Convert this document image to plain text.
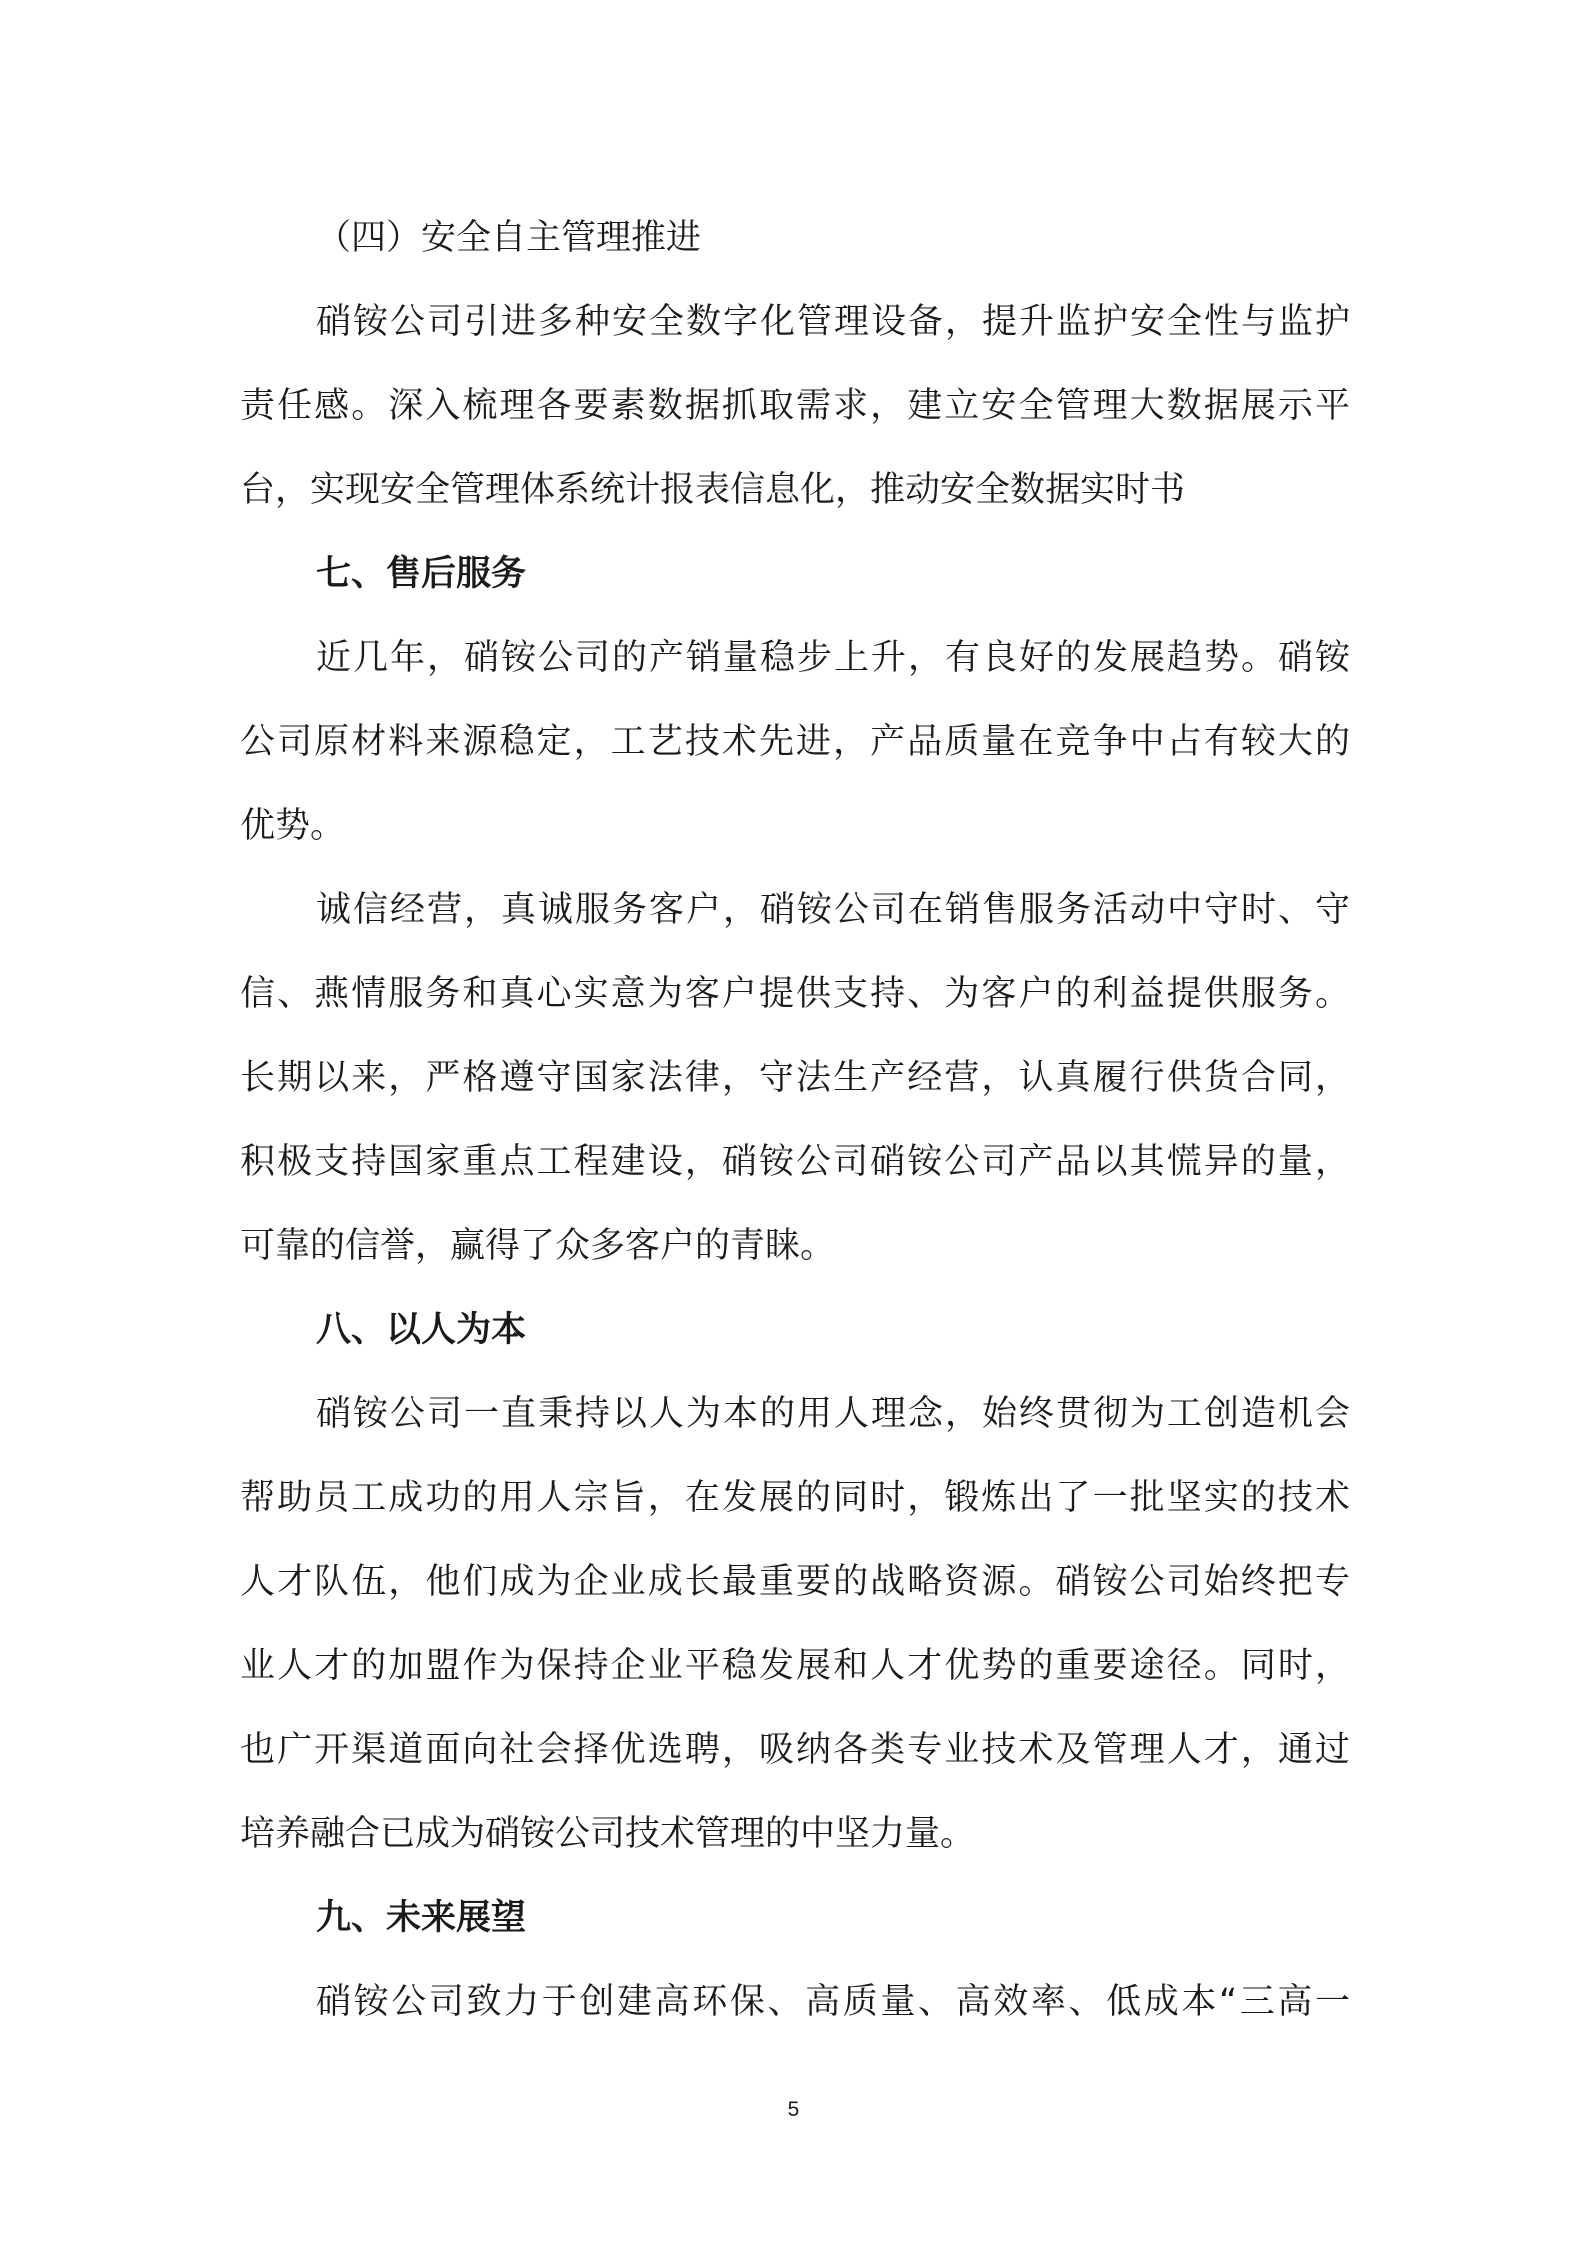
（四）安全自主管理推进
硝铵公司引进多种安全数字化管理设备，提升监护安全性与监护
责任感。深入梳理各要素数据抓取需求，建立安全管理大数据展示平
台，实现安全管理体系统计报表信息化，推动安全数据实时书
七、售后服务
近几年，硝铵公司的产销量稳步上升，有良好的发展趋势。硝铵
公司原材料来源稳定，工艺技术先进，产品质量在竞争中占有较大的
优势。
诚信经营，真诚服务客户，硝铵公司在销售服务活动中守时、守
信、燕情服务和真心实意为客户提供支持、为客户的利益提供服务。
长期以来，严格遵守国家法律，守法生产经营，认真履行供货合同，
积极支持国家重点工程建设，硝铵公司硝铵公司产品以其慌异的量，
可靠的信誉，赢得了众多客户的青睐。
八、以人为本
硝铵公司一直秉持以人为本的用人理念，始终贯彻为工创造机会
帮助员工成功的用人宗旨，在发展的同时，锻炼出了一批坚实的技术
人才队伍，他们成为企业成长最重要的战略资源。硝铵公司始终把专
业人才的加盟作为保持企业平稳发展和人才优势的重要途径。同时，
也广开渠道面向社会择优选聘，吸纳各类专业技术及管理人才，通过
培养融合已成为硝铵公司技术管理的中坚力量。
九、未来展望
硝铵公司致力于创建高环保、高质量、高效率、低成本“三高一
5
